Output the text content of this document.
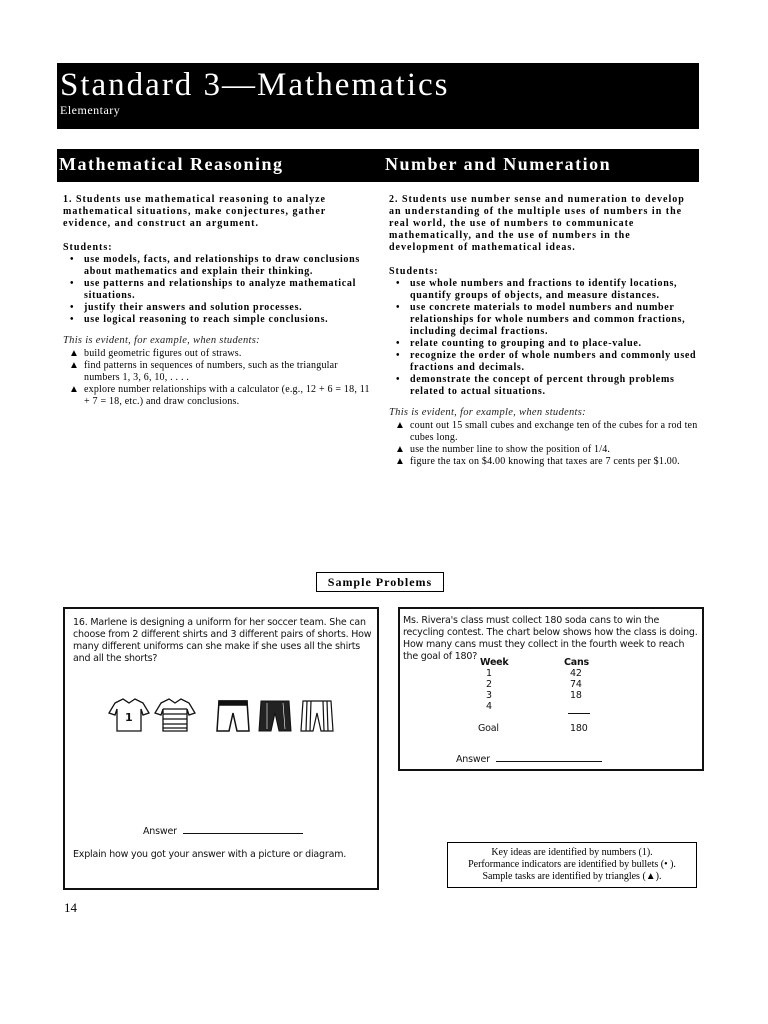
Standard 3—Mathematics
Elementary
Mathematical Reasoning	Number and Numeration

1. Students use mathematical reasoning to analyze mathematical situations, make conjectures, gather evidence, and construct an argument.

Students:

• use models, facts, and relationships to draw conclusions about mathematics and explain their thinking.
• use patterns and relationships to analyze mathematical situations.
• justify their answers and solution processes.
• use logical reasoning to reach simple conclusions.

This is evident, for example, when students:

▲ build geometric figures out of straws.
▲ find patterns in sequences of numbers, such as the triangular numbers 1, 3, 6, 10, . . . .
▲ explore number relationships with a calculator (e.g., 12 + 6 = 18, 11 + 7 = 18, etc.) and draw conclusions.

2. Students use number sense and numeration to develop an understanding of the multiple uses of numbers in the real world, the use of numbers to communicate mathematically, and the use of numbers in the development of mathematical ideas.

Students:

• use whole numbers and fractions to identify locations, quantify groups of objects, and measure distances.
• use concrete materials to model numbers and number relationships for whole numbers and common fractions, including decimal fractions.
• relate counting to grouping and to place-value.
• recognize the order of whole numbers and commonly used fractions and decimals.
• demonstrate the concept of percent through problems related to actual situations.

This is evident, for example, when students:

▲ count out 15 small cubes and exchange ten of the cubes for a rod ten cubes long.
▲ use the number line to show the position of 1/4.
▲ figure the tax on $4.00 knowing that taxes are 7 cents per $1.00.
Sample Problems
16. Marlene is designing a uniform for her soccer team. She can choose from 2 different shirts and 3 different pairs of shorts. How many different uniforms can she make if she uses all the shirts and all the shorts?
1
Answer
Explain how you got your answer with a picture or diagram.
Ms. Rivera's class must collect 180 soda cans to win the recycling contest. The chart below shows how the class is doing. How many cans must they collect in the fourth week to reach the goal of 180?
Week	Cans
1	42
2	74
3	18
4
Goal	180
Answer
Key ideas are identified by numbers (1).
Performance indicators are identified by bullets (• ).
Sample tasks are identified by triangles (▲).
14
